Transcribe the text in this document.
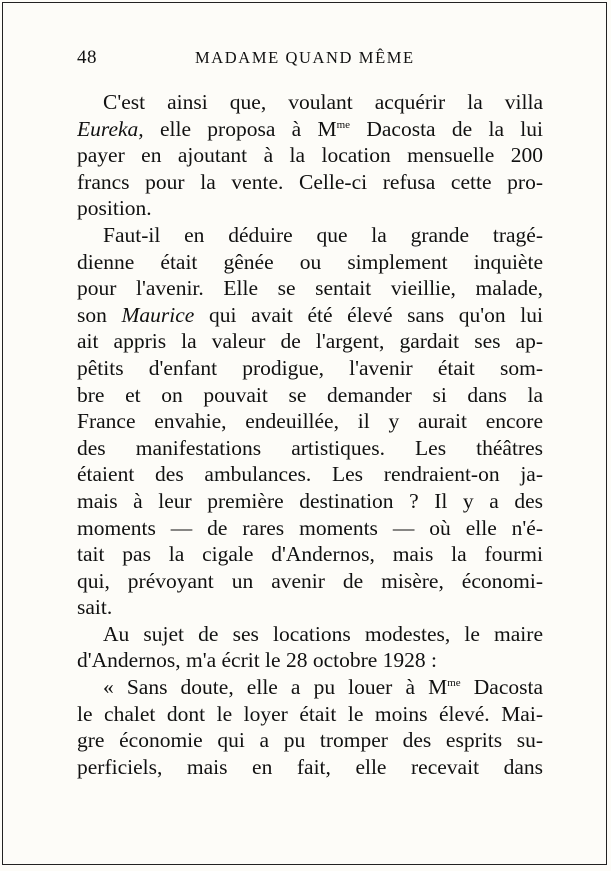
48	MADAME QUAND MÊME
C'est ainsi que, voulant acquérir la villa
Eureka, elle proposa à $M^{me}$ Dacosta de la lui
payer en ajoutant à la location mensuelle 200
francs pour la vente. Celle-ci refusa cette pro-
position.
Faut-il en déduire que la grande tragé-
dienne était gênée ou simplement inquiète
pour l'avenir. Elle se sentait vieillie, malade,
son Maurice qui avait été élevé sans qu'on lui
ait appris la valeur de l'argent, gardait ses ap-
pêtits d'enfant prodigue, l'avenir était som-
bre et on pouvait se demander si dans la
France envahie, endeuillée, il y aurait encore
des manifestations artistiques. Les théâtres
étaient des ambulances. Les rendraient-on ja-
mais à leur première destination ? Il y a des
moments — de rares moments — où elle n'é-
tait pas la cigale d'Andernos, mais la fourmi
qui, prévoyant un avenir de misère, économi-
sait.
Au sujet de ses locations modestes, le maire
d'Andernos, m'a écrit le 28 octobre 1928 :
« Sans doute, elle a pu louer à $M^{me}$ Dacosta
le chalet dont le loyer était le moins élevé. Mai-
gre économie qui a pu tromper des esprits su-
perficiels, mais en fait, elle recevait dans
